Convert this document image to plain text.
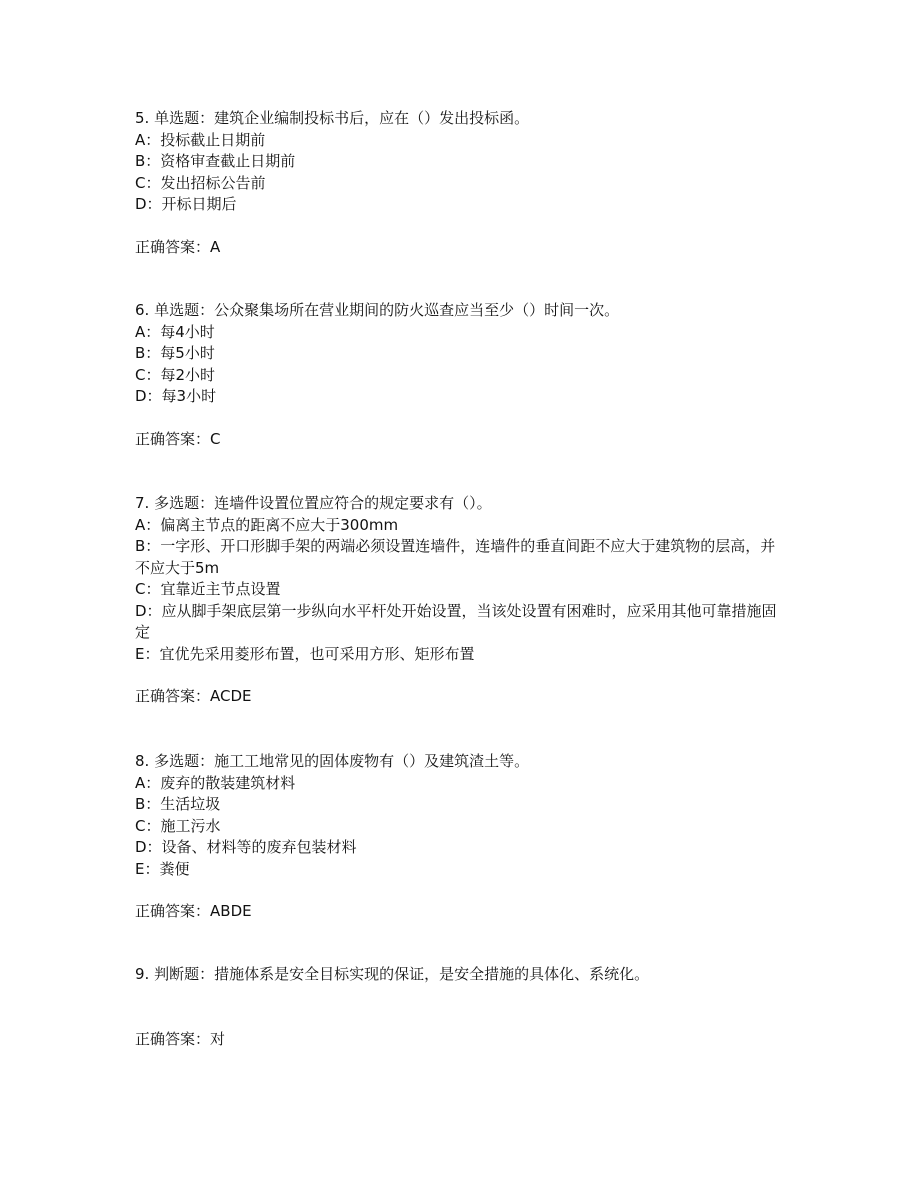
5. 单选题：建筑企业编制投标书后，应在（）发出投标函。

A：投标截止日期前
B：资格审查截止日期前
C：发出招标公告前
D：开标日期后

正确答案：A

6. 单选题：公众聚集场所在营业期间的防火巡查应当至少（）时间一次。

A：每4小时
B：每5小时
C：每2小时
D：每3小时

正确答案：C

7. 多选题：连墙件设置位置应符合的规定要求有（）。

A：偏离主节点的距离不应大于300mm
B：一字形、开口形脚手架的两端必须设置连墙件，连墙件的垂直间距不应大于建筑物的层高，并不应大于5m
C：宜靠近主节点设置
D：应从脚手架底层第一步纵向水平杆处开始设置，当该处设置有困难时，应采用其他可靠措施固定
E：宜优先采用菱形布置，也可采用方形、矩形布置

正确答案：ACDE

8. 多选题：施工工地常见的固体废物有（）及建筑渣土等。

A：废弃的散装建筑材料
B：生活垃圾
C：施工污水
D：设备、材料等的废弃包装材料
E：粪便

正确答案：ABDE

9. 判断题：措施体系是安全目标实现的保证，是安全措施的具体化、系统化。

正确答案：对
